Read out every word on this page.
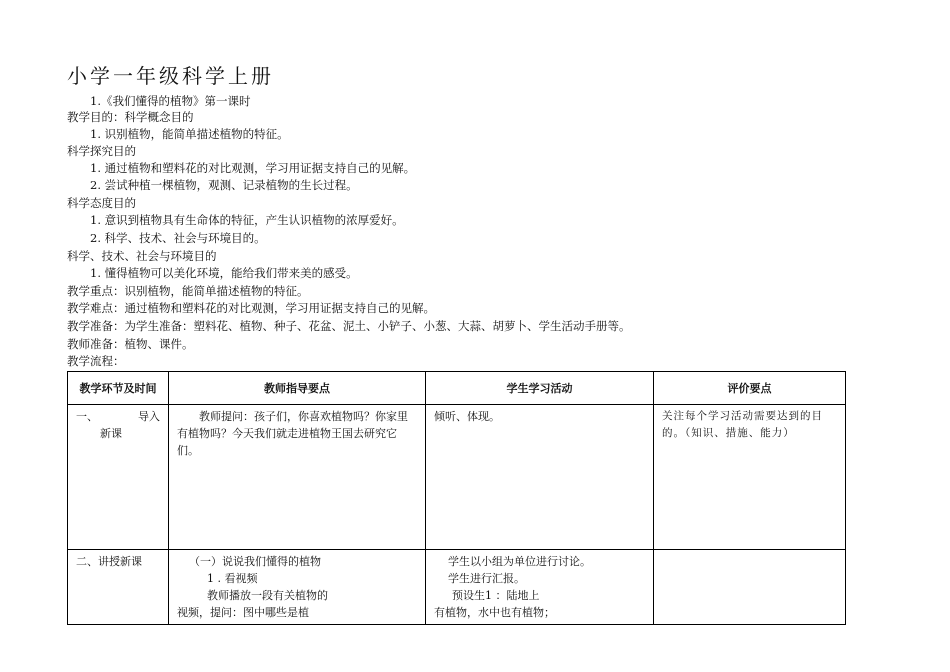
小学一年级科学上册
1.《我们懂得的植物》第一课时
教学目的：科学概念目的
1. 识别植物，能简单描述植物的特征。
科学探究目的
1. 通过植物和塑料花的对比观测，学习用证据支持自己的见解。
2. 尝试种植一棵植物，观测、记录植物的生长过程。
科学态度目的
1. 意识到植物具有生命体的特征，产生认识植物的浓厚爱好。
2. 科学、技术、社会与环境目的。
科学、技术、社会与环境目的
1. 懂得植物可以美化环境，能给我们带来美的感受。
教学重点：识别植物，能简单描述植物的特征。
教学难点：通过植物和塑料花的对比观测，学习用证据支持自己的见解。
教学准备：为学生准备：塑料花、植物、种子、花盆、泥土、小铲子、小葱、大蒜、胡萝卜、学生活动手册等。
教师准备：植物、课件。
教学流程：
教学环节及时间	教师指导要点	学生学习活动	评价要点

一、 导入
新课	教师提问：孩子们，你喜欢植物吗？你家里有植物吗？今天我们就走进植物王国去研究它们。	倾听、体现。	关注每个学习活动需要达到的目的。（知识、措施、能力）

二、讲授新课	（一）说说我们懂得的植物
1 . 看视频
教师播放一段有关植物的
视频，提问：图中哪些是植	学生以小组为单位进行讨论。
学生进行汇报。
预设生1 ：陆地上
有植物，水中也有植物；	
